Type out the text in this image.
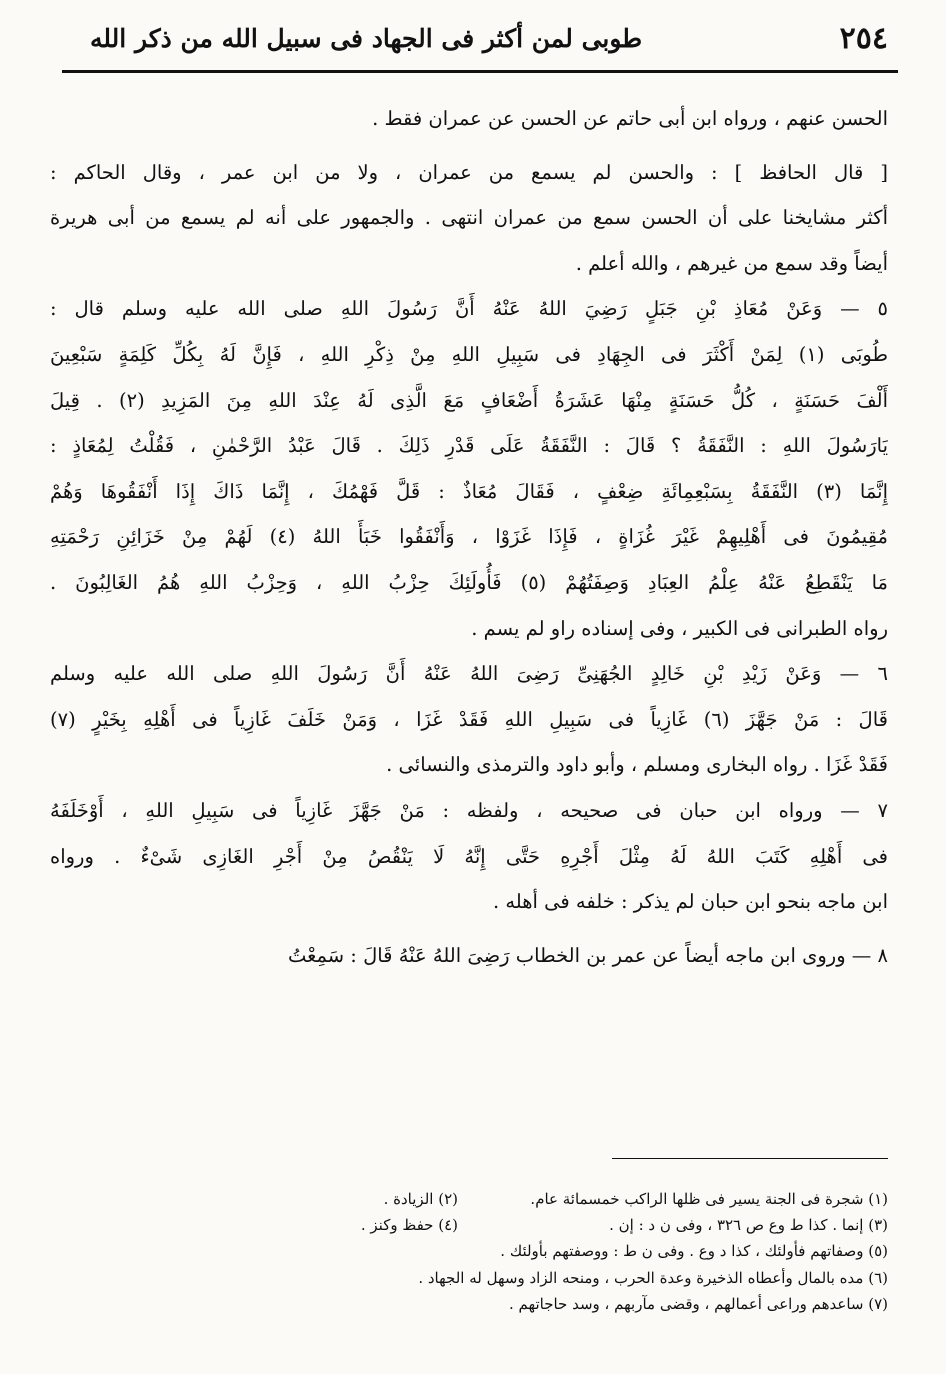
٢٥٤
طوبى لمن أكثر فى الجهاد فى سبيل الله من ذكر الله
الحسن عنهم ، ورواه ابن أبى حاتم عن الحسن عن عمران فقط .
[ قال الحافظ ] : والحسن لم يسمع من عمران ، ولا من ابن عمر ، وقال الحاكم :
أكثر مشايخنا على أن الحسن سمع من عمران انتهى . والجمهور على أنه لم يسمع من أبى هريرة
أيضاً وقد سمع من غيرهم ، والله أعلم .
٥ — وَعَنْ مُعَاذِ بْنِ جَبَلٍ رَضِيَ اللهُ عَنْهُ أَنَّ رَسُولَ اللهِ صلى الله عليه وسلم قال :
طُوبَى (١) لِمَنْ أَكْثَرَ فى الجِهَادِ فى سَبِيلِ اللهِ مِنْ ذِكْرِ اللهِ ، فَإِنَّ لَهُ بِكُلِّ كَلِمَةٍ سَبْعِينَ
أَلْفَ حَسَنَةٍ ، كُلُّ حَسَنَةٍ مِنْهَا عَشَرَةُ أَضْعَافٍ مَعَ الَّذِى لَهُ عِنْدَ اللهِ مِنَ المَزِيدِ (٢) . قِيلَ
يَارَسُولَ اللهِ : النَّفَقَةُ ؟ قَالَ : النَّفَقَةُ عَلَى قَدْرِ ذَلِكَ . قَالَ عَبْدُ الرَّحْمٰنِ ، فَقُلْتُ لِمُعَاذٍ :
إِنَّمَا (٣) النَّفَقَةُ بِسَبْعِمِائَةِ ضِعْفٍ ، فَقَالَ مُعَاذٌ : قَلَّ فَهْمُكَ ، إِنَّمَا ذَاكَ إِذَا أَنْفَقُوهَا وَهُمْ
مُقِيمُونَ فى أَهْلِيهِمْ غَيْرَ غُزَاةٍ ، فَإِذَا غَزَوْا ، وَأَنْفَقُوا خَبَأَ اللهُ (٤) لَهُمْ مِنْ خَزَائِنِ رَحْمَتِهِ
مَا يَنْقَطِعُ عَنْهُ عِلْمُ العِبَادِ وَصِفَتُهُمْ (٥) فَأُولَئِكَ حِزْبُ اللهِ ، وَحِزْبُ اللهِ هُمُ الغَالِبُونَ .
رواه الطبرانى فى الكبير ، وفى إسناده راو لم يسم .
٦ — وَعَنْ زَيْدِ بْنِ خَالِدٍ الجُهَنِىِّ رَضِىَ اللهُ عَنْهُ أَنَّ رَسُولَ اللهِ صلى الله عليه وسلم
قَالَ : مَنْ جَهَّزَ (٦) غَازِياً فى سَبِيلِ اللهِ فَقَدْ غَزَا ، وَمَنْ خَلَفَ غَازِياً فى أَهْلِهِ بِخَيْرٍ (٧)
فَقَدْ غَزَا . رواه البخارى ومسلم ، وأبو داود والترمذى والنسائى .
٧ — ورواه ابن حبان فى صحيحه ، ولفظه : مَنْ جَهَّزَ غَازِياً فى سَبِيلِ اللهِ ، أَوْخَلَفَهُ
فى أَهْلِهِ كَتَبَ اللهُ لَهُ مِثْلَ أَجْرِهِ حَتَّى إِنَّهُ لَا يَنْقُصُ مِنْ أَجْرِ الغَازِى شَىْءٌ . ورواه
ابن ماجه بنحو ابن حبان لم يذكر : خلفه فى أهله .
٨ — وروى ابن ماجه أيضاً عن عمر بن الخطاب رَضِىَ اللهُ عَنْهُ قَالَ : سَمِعْتُ
(١) شجرة فى الجنة يسير فى ظلها الراكب خمسمائة عام.
(٢) الزيادة .
(٣) إنما . كذا ط وع ص ٣٢٦ ، وفى ن د : إن .
(٤) حفظ وكنز .
(٥) وصفاتهم فأولئك ، كذا د وع . وفى ن ط : ووصفتهم بأولئك .
(٦) مده بالمال وأعطاه الذخيرة وعدة الحرب ، ومنحه الزاد وسهل له الجهاد .
(٧) ساعدهم وراعى أعمالهم ، وقضى مآربهم ، وسد حاجاتهم .
